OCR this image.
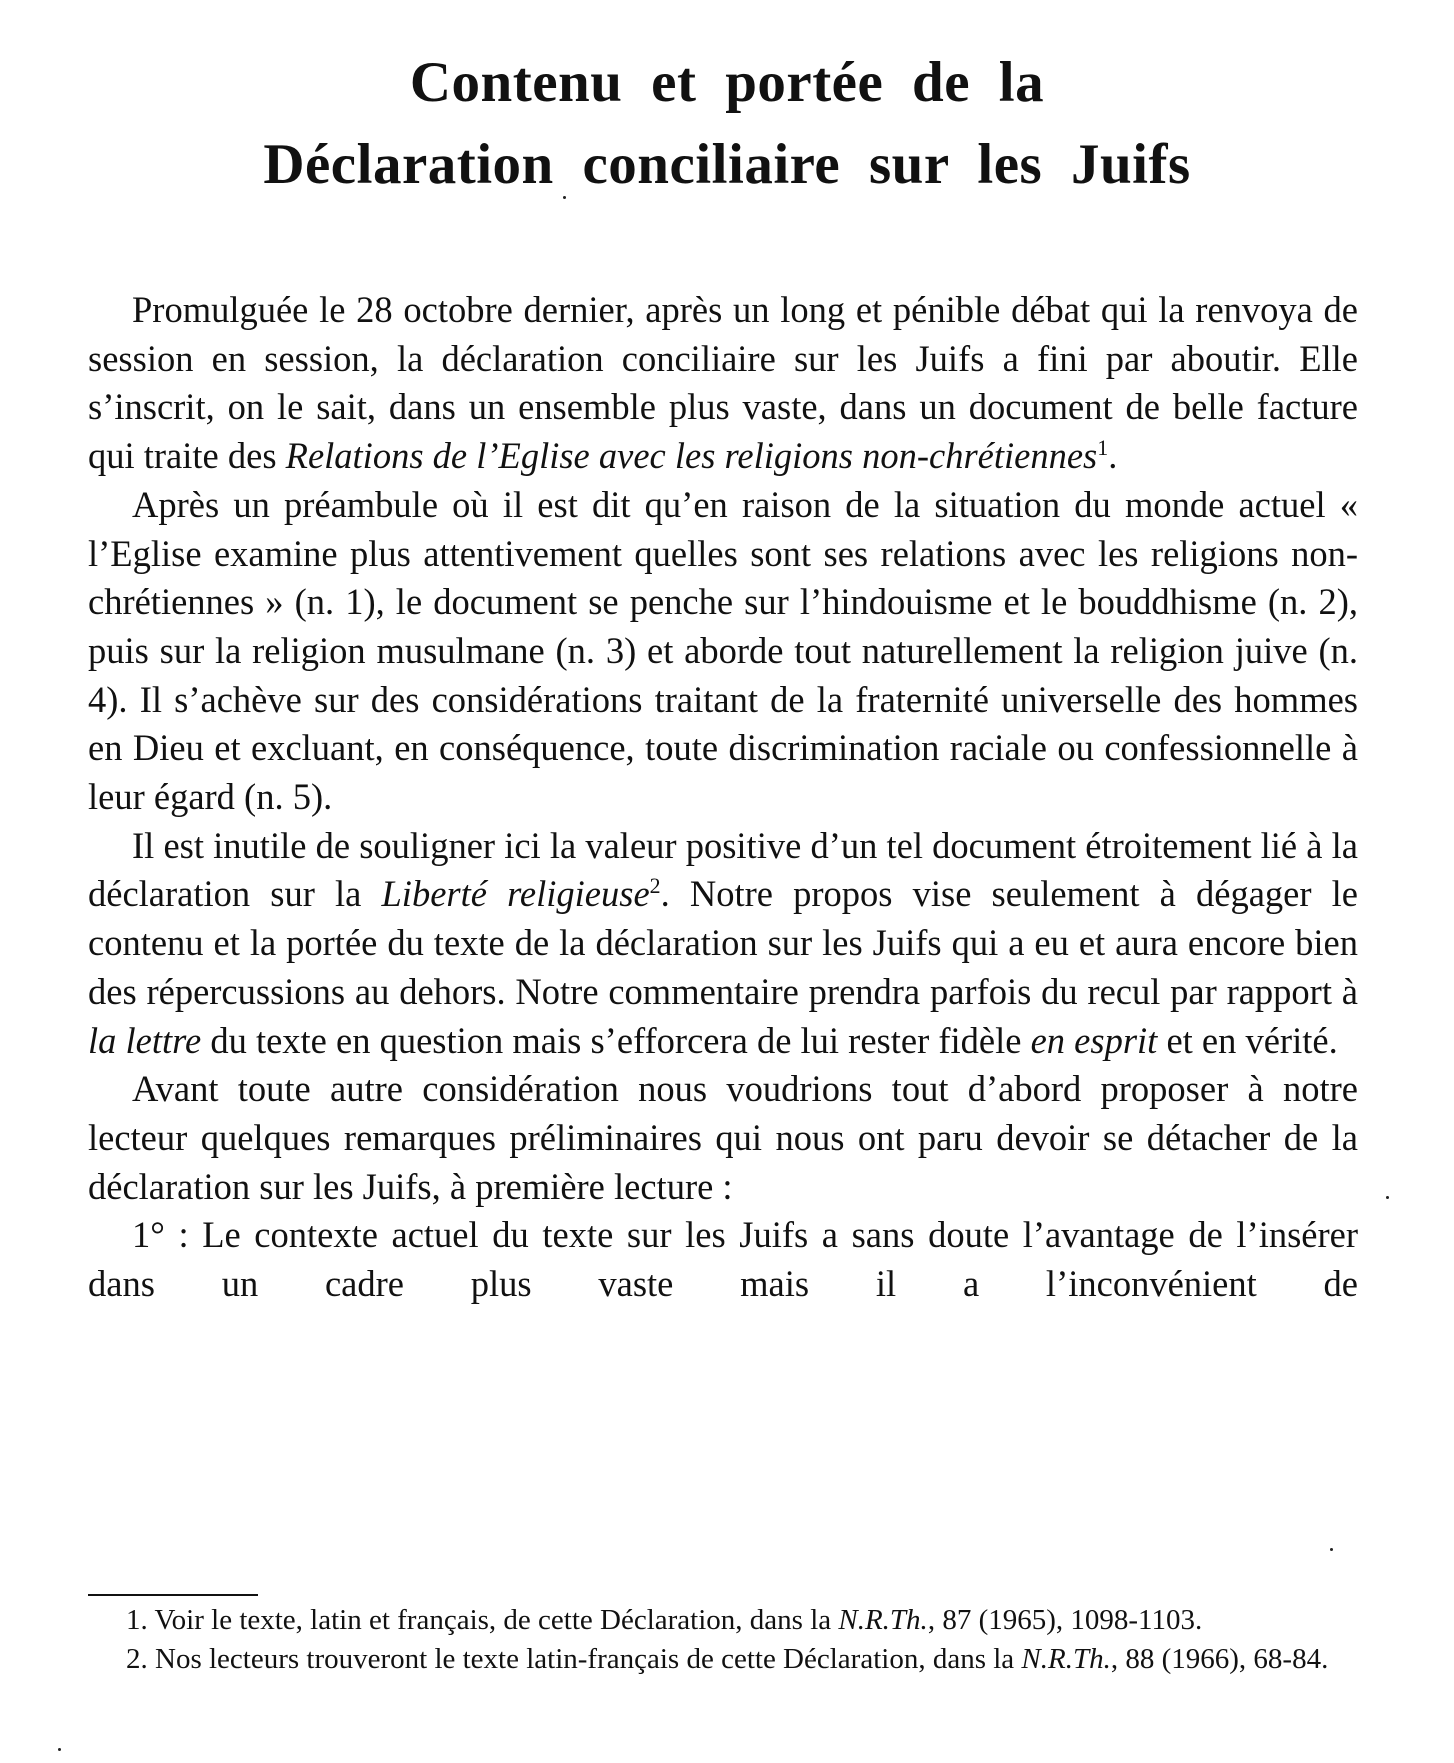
Contenu et portée de la
Déclaration conciliaire sur les Juifs

Promulguée le 28 octobre dernier, après un long et pénible débat qui la renvoya de session en session, la déclaration conciliaire sur les Juifs a fini par aboutir. Elle s’inscrit, on le sait, dans un ensemble plus vaste, dans un document de belle facture qui traite des Relations de l’Eglise avec les religions non-chrétiennes$^1$.

Après un préambule où il est dit qu’en raison de la situation du monde actuel « l’Eglise examine plus attentivement quelles sont ses relations avec les religions non-chrétiennes » (n. 1), le document se penche sur l’hindouisme et le bouddhisme (n. 2), puis sur la religion musulmane (n. 3) et aborde tout naturellement la religion juive (n. 4). Il s’achève sur des considérations traitant de la fraternité universelle des hommes en Dieu et excluant, en conséquence, toute discrimination raciale ou confessionnelle à leur égard (n. 5).

Il est inutile de souligner ici la valeur positive d’un tel document étroitement lié à la déclaration sur la Liberté religieuse$^2$. Notre propos vise seulement à dégager le contenu et la portée du texte de la déclaration sur les Juifs qui a eu et aura encore bien des répercussions au dehors. Notre commentaire prendra parfois du recul par rapport à la lettre du texte en question mais s’efforcera de lui rester fidèle en esprit et en vérité.

Avant toute autre considération nous voudrions tout d’abord proposer à notre lecteur quelques remarques préliminaires qui nous ont paru devoir se détacher de la déclaration sur les Juifs, à première lecture :

1° : Le contexte actuel du texte sur les Juifs a sans doute l’avantage de l’insérer dans un cadre plus vaste mais il a l’inconvénient de

1. Voir le texte, latin et français, de cette Déclaration, dans la N.R.Th., 87 (1965), 1098-1103.

2. Nos lecteurs trouveront le texte latin-français de cette Déclaration, dans la N.R.Th., 88 (1966), 68-84.
